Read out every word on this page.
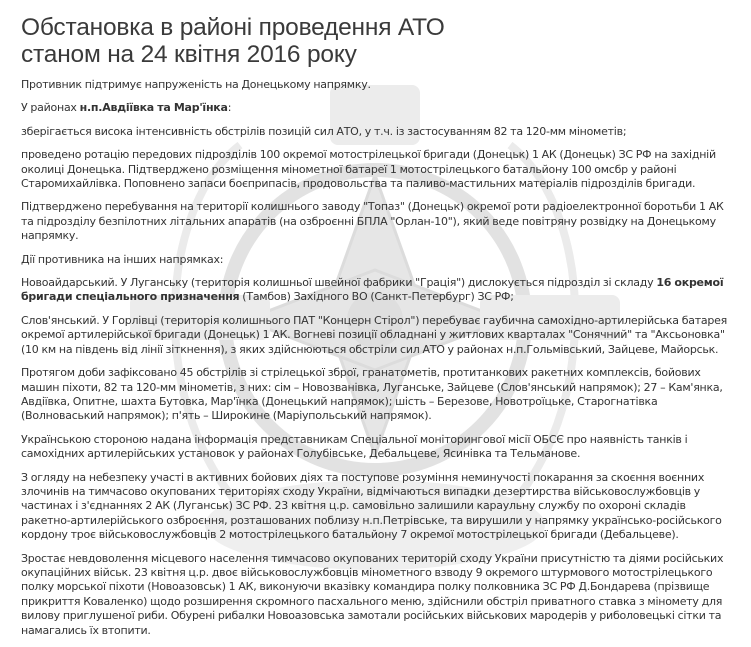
Обстановка в районі проведення АТО
станом на 24 квітня 2016 року

Противник підтримує напруженість на Донецькому напрямку.

У районах н.п.Авдіївка та Мар'їнка:

зберігається висока інтенсивність обстрілів позицій сил АТО, у т.ч. із застосуванням 82 та 120-мм мінометів;

проведено ротацію передових підрозділів 100 окремої мотострілецької бригади (Донецьк) 1 АК (Донецьк) ЗС РФ на західній околиці Донецька. Підтверджено розміщення мінометної батареї 1 мотострілецького батальйону 100 омсбр у районі Старомихайлівка. Поповнено запаси боєприпасів, продовольства та паливо-мастильних матеріалів підрозділів бригади.

Підтверджено перебування на території колишнього заводу "Топаз" (Донецьк) окремої роти радіоелектронної боротьби 1 АК та підрозділу безпілотних літальних апаратів (на озброєнні БПЛА "Орлан-10"), який веде повітряну розвідку на Донецькому напрямку.

Дії противника на інших напрямках:

Новоайдарський. У Луганську (територія колишньої швейної фабрики "Грація") дислокується підрозділ зі складу 16 окремої бригади спеціального призначення (Тамбов) Західного ВО (Санкт-Петербург) ЗС РФ;

Слов'янський. У Горлівці (територія колишнього ПАТ "Концерн Стірол") перебуває гаубична самохідно-артилерійська батарея окремої артилерійської бригади (Донецьк) 1 АК. Вогневі позиції обладнані у житлових кварталах "Сонячний" та "Аксьоновка" (10 км на південь від лінії зіткнення), з яких здійснюються обстріли сил АТО у районах н.п.Гольмівський, Зайцеве, Майорськ.

Протягом доби зафіксовано 45 обстрілів зі стрілецької зброї, гранатометів, протитанкових ракетних комплексів, бойових машин піхоти, 82 та 120-мм мінометів, з них: сім – Новозванівка, Луганське, Зайцеве (Слов'янський напрямок); 27 – Кам'янка, Авдіївка, Опитне, шахта Бутовка, Мар'їнка (Донецький напрямок); шість – Березове, Новотроїцьке, Старогнатівка (Волноваський напрямок); п'ять – Широкине (Маріупольський напрямок).

Українською стороною надана інформація представникам Спеціальної моніторингової місії ОБСЄ про наявність танків і самохідних артилерійських установок у районах Голубівське, Дебальцеве, Ясинівка та Тельманове.

З огляду на небезпеку участі в активних бойових діях та поступове розуміння неминучості покарання за скоєння воєнних злочинів на тимчасово окупованих територіях сходу України, відмічаються випадки дезертирства військовослужбовців у частинах і з'єднаннях 2 АК (Луганськ) ЗС РФ. 23 квітня ц.р. самовільно залишили караульну службу по охороні складів ракетно-артилерійського озброєння, розташованих поблизу н.п.Петрівське, та вирушили у напрямку українсько-російського кордону троє військовослужбовців 2 мотострілецького батальйону 7 окремої мотострілецької бригади (Дебальцеве).

Зростає невдоволення місцевого населення тимчасово окупованих територій сходу України присутністю та діями російських окупаційних військ. 23 квітня ц.р. двоє військовослужбовців мінометного взводу 9 окремого штурмового мотострілецького полку морської піхоти (Новоазовськ) 1 АК, виконуючи вказівку командира полку полковника ЗС РФ Д.Бондарева (прізвище прикриття Коваленко) щодо розширення скромного пасхального меню, здійснили обстріл приватного ставка з міномету для вилову приглушеної риби. Обурені рибалки Новоазовська замотали російських військових мародерів у риболовецькі сітки та намагались їх втопити.
